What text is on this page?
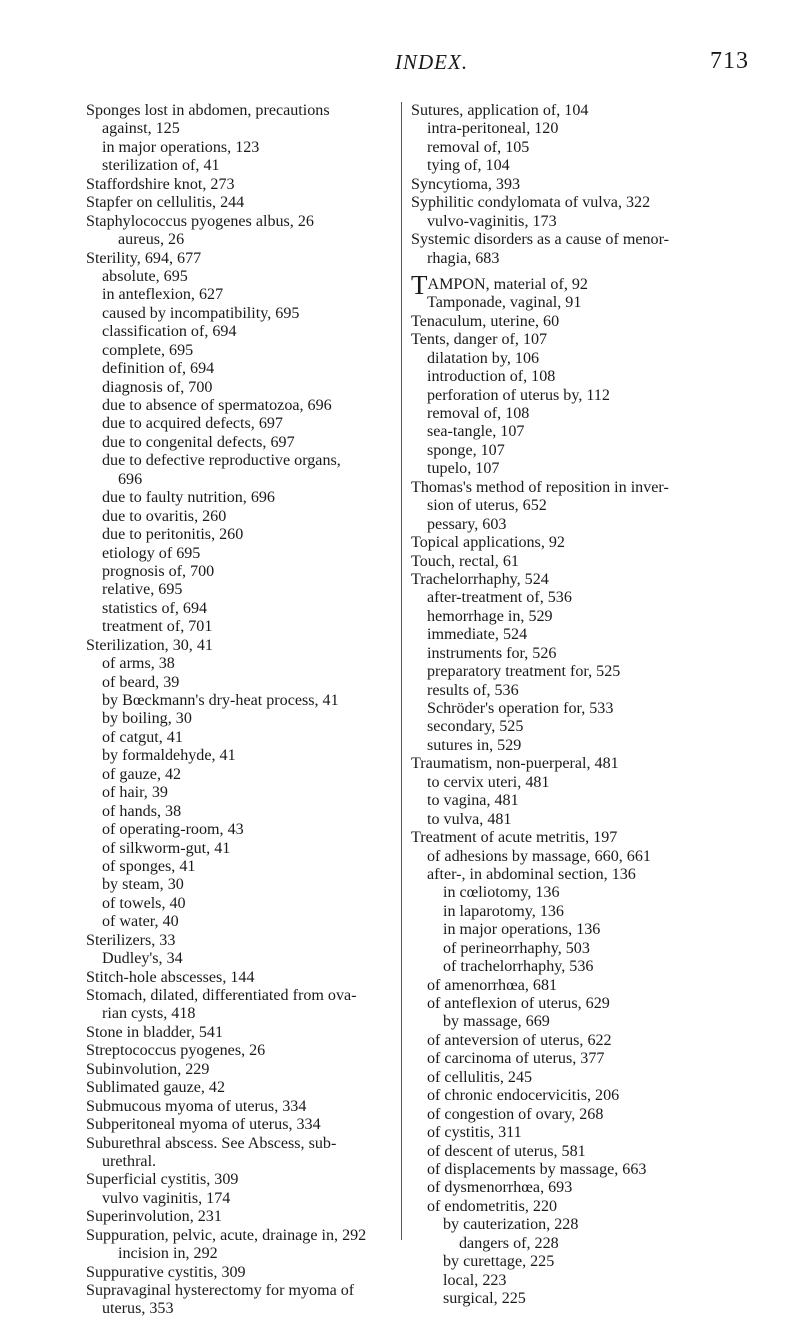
INDEX.	713
Sponges lost in abdomen, precautions
against, 125
in major operations, 123
sterilization of, 41
Staffordshire knot, 273
Stapfer on cellulitis, 244
Staphylococcus pyogenes albus, 26
aureus, 26
Sterility, 694, 677
absolute, 695
in anteflexion, 627
caused by incompatibility, 695
classification of, 694
complete, 695
definition of, 694
diagnosis of, 700
due to absence of spermatozoa, 696
due to acquired defects, 697
due to congenital defects, 697
due to defective reproductive organs,
696
due to faulty nutrition, 696
due to ovaritis, 260
due to peritonitis, 260
etiology of 695
prognosis of, 700
relative, 695
statistics of, 694
treatment of, 701
Sterilization, 30, 41
of arms, 38
of beard, 39
by Bœckmann's dry-heat process, 41
by boiling, 30
of catgut, 41
by formaldehyde, 41
of gauze, 42
of hair, 39
of hands, 38
of operating-room, 43
of silkworm-gut, 41
of sponges, 41
by steam, 30
of towels, 40
of water, 40
Sterilizers, 33
Dudley's, 34
Stitch-hole abscesses, 144
Stomach, dilated, differentiated from ova-
rian cysts, 418
Stone in bladder, 541
Streptococcus pyogenes, 26
Subinvolution, 229
Sublimated gauze, 42
Submucous myoma of uterus, 334
Subperitoneal myoma of uterus, 334
Suburethral abscess. See Abscess, sub-
urethral.
Superficial cystitis, 309
vulvo vaginitis, 174
Superinvolution, 231
Suppuration, pelvic, acute, drainage in, 292
incision in, 292
Suppurative cystitis, 309
Supravaginal hysterectomy for myoma of
uterus, 353
Sutures, application of, 104
intra-peritoneal, 120
removal of, 105
tying of, 104
Syncytioma, 393
Syphilitic condylomata of vulva, 322
vulvo-vaginitis, 173
Systemic disorders as a cause of menor-
rhagia, 683
TAMPON, material of, 92
Tamponade, vaginal, 91
Tenaculum, uterine, 60
Tents, danger of, 107
dilatation by, 106
introduction of, 108
perforation of uterus by, 112
removal of, 108
sea-tangle, 107
sponge, 107
tupelo, 107
Thomas's method of reposition in inver-
sion of uterus, 652
pessary, 603
Topical applications, 92
Touch, rectal, 61
Trachelorrhaphy, 524
after-treatment of, 536
hemorrhage in, 529
immediate, 524
instruments for, 526
preparatory treatment for, 525
results of, 536
Schröder's operation for, 533
secondary, 525
sutures in, 529
Traumatism, non-puerperal, 481
to cervix uteri, 481
to vagina, 481
to vulva, 481
Treatment of acute metritis, 197
of adhesions by massage, 660, 661
after-, in abdominal section, 136
in cœliotomy, 136
in laparotomy, 136
in major operations, 136
of perineorrhaphy, 503
of trachelorrhaphy, 536
of amenorrhœa, 681
of anteflexion of uterus, 629
by massage, 669
of anteversion of uterus, 622
of carcinoma of uterus, 377
of cellulitis, 245
of chronic endocervicitis, 206
of congestion of ovary, 268
of cystitis, 311
of descent of uterus, 581
of displacements by massage, 663
of dysmenorrhœa, 693
of endometritis, 220
by cauterization, 228
dangers of, 228
by curettage, 225
local, 223
surgical, 225
